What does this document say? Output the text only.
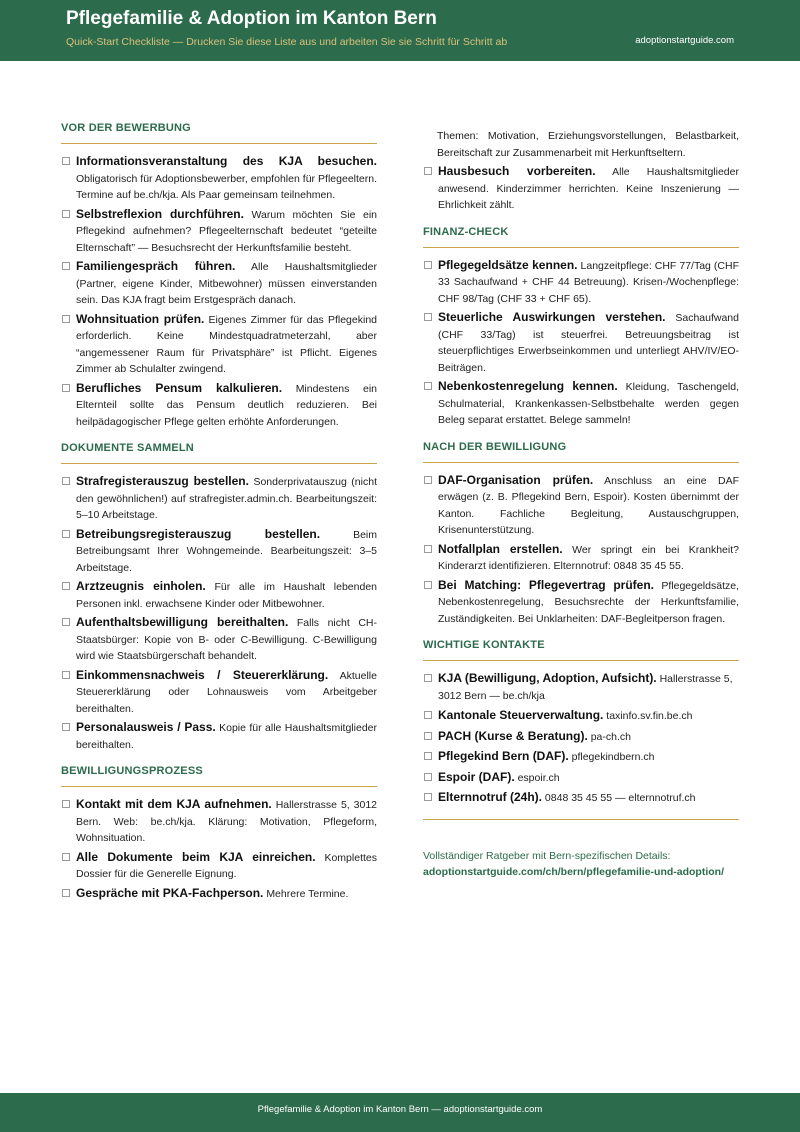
Pflegefamilie & Adoption im Kanton Bern
Quick-Start Checkliste — Drucken Sie diese Liste aus und arbeiten Sie sie Schritt für Schritt ab	adoptionstartguide.com
VOR DER BEWERBUNG
Informationsveranstaltung des KJA besuchen. Obligatorisch für Adoptionsbewerber, empfohlen für Pflegeeltern. Termine auf be.ch/kja. Als Paar gemeinsam teilnehmen.
Selbstreflexion durchführen. Warum möchten Sie ein Pflegekind aufnehmen? Pflegeelternschaft bedeutet “geteilte Elternschaft” — Besuchsrecht der Herkunftsfamilie besteht.
Familiengespräch führen. Alle Haushaltsmitglieder (Partner, eigene Kinder, Mitbewohner) müssen einverstanden sein. Das KJA fragt beim Erstgespräch danach.
Wohnsituation prüfen. Eigenes Zimmer für das Pflegekind erforderlich. Keine Mindestquadratmeterzahl, aber “angemessener Raum für Privatsphäre” ist Pflicht. Eigenes Zimmer ab Schulalter zwingend.
Berufliches Pensum kalkulieren. Mindestens ein Elternteil sollte das Pensum deutlich reduzieren. Bei heilpädagogischer Pflege gelten erhöhte Anforderungen.
DOKUMENTE SAMMELN
Strafregisterauszug bestellen. Sonderprivatauszug (nicht den gewöhnlichen!) auf strafregister.admin.ch. Bearbeitungszeit: 5–10 Arbeitstage.
Betreibungsregisterauszug bestellen.	Beim Betreibungsamt Ihrer Wohngemeinde. Bearbeitungszeit: 3–5 Arbeitstage.
Arztzeugnis einholen. Für alle im Haushalt lebenden Personen inkl. erwachsene Kinder oder Mitbewohner.
Aufenthaltsbewilligung bereithalten. Falls nicht CH-Staatsbürger: Kopie von B- oder C-Bewilligung. C-Bewilligung wird wie Staatsbürgerschaft behandelt.
Einkommensnachweis / Steuererklärung. Aktuelle Steuererklärung oder Lohnausweis vom Arbeitgeber bereithalten.
Personalausweis / Pass. Kopie für alle Haushaltsmitglieder bereithalten.
BEWILLIGUNGSPROZESS
Kontakt mit dem KJA aufnehmen. Hallerstrasse 5, 3012 Bern. Web: be.ch/kja. Klärung: Motivation, Pflegeform, Wohnsituation.
Alle Dokumente beim KJA einreichen. Komplettes Dossier für die Generelle Eignung.
Gespräche mit PKA-Fachperson. Mehrere Termine.
Themen: Motivation, Erziehungsvorstellungen, Belastbarkeit, Bereitschaft zur Zusammenarbeit mit Herkunftseltern.
Hausbesuch vorbereiten. Alle Haushaltsmitglieder anwesend. Kinderzimmer herrichten. Keine Inszenierung — Ehrlichkeit zählt.
FINANZ-CHECK
Pflegegeldsätze kennen. Langzeitpflege: CHF 77/Tag (CHF 33 Sachaufwand + CHF 44 Betreuung). Krisen-/Wochenpflege: CHF 98/Tag (CHF 33 + CHF 65).
Steuerliche Auswirkungen verstehen. Sachaufwand (CHF 33/Tag) ist steuerfrei. Betreuungsbeitrag ist steuerpflichtiges Erwerbseinkommen und unterliegt AHV/IV/EO-Beiträgen.
Nebenkostenregelung kennen. Kleidung, Taschengeld, Schulmaterial, Krankenkassen-Selbstbehalte werden gegen Beleg separat erstattet. Belege sammeln!
NACH DER BEWILLIGUNG
DAF-Organisation prüfen. Anschluss an eine DAF erwägen (z. B. Pflegekind Bern, Espoir). Kosten übernimmt der Kanton. Fachliche Begleitung, Austauschgruppen, Krisenunterstützung.
Notfallplan erstellen. Wer springt ein bei Krankheit? Kinderarzt identifizieren. Elternnotruf: 0848 35 45 55.
Bei Matching: Pflegevertrag prüfen. Pflegegeldsätze, Nebenkostenregelung, Besuchsrechte der Herkunftsfamilie, Zuständigkeiten. Bei Unklarheiten: DAF-Begleitperson fragen.
WICHTIGE KONTAKTE
KJA (Bewilligung, Adoption, Aufsicht). Hallerstrasse 5, 3012 Bern — be.ch/kja
Kantonale Steuerverwaltung. taxinfo.sv.fin.be.ch
PACH (Kurse & Beratung). pa-ch.ch
Pflegekind Bern (DAF). pflegekindbern.ch
Espoir (DAF). espoir.ch
Elternnotruf (24h). 0848 35 45 55 — elternnotruf.ch
Vollständiger Ratgeber mit Bern-spezifischen Details:
adoptionstartguide.com/ch/bern/pflegefamilie-und-adoption/
Pflegefamilie & Adoption im Kanton Bern — adoptionstartguide.com
